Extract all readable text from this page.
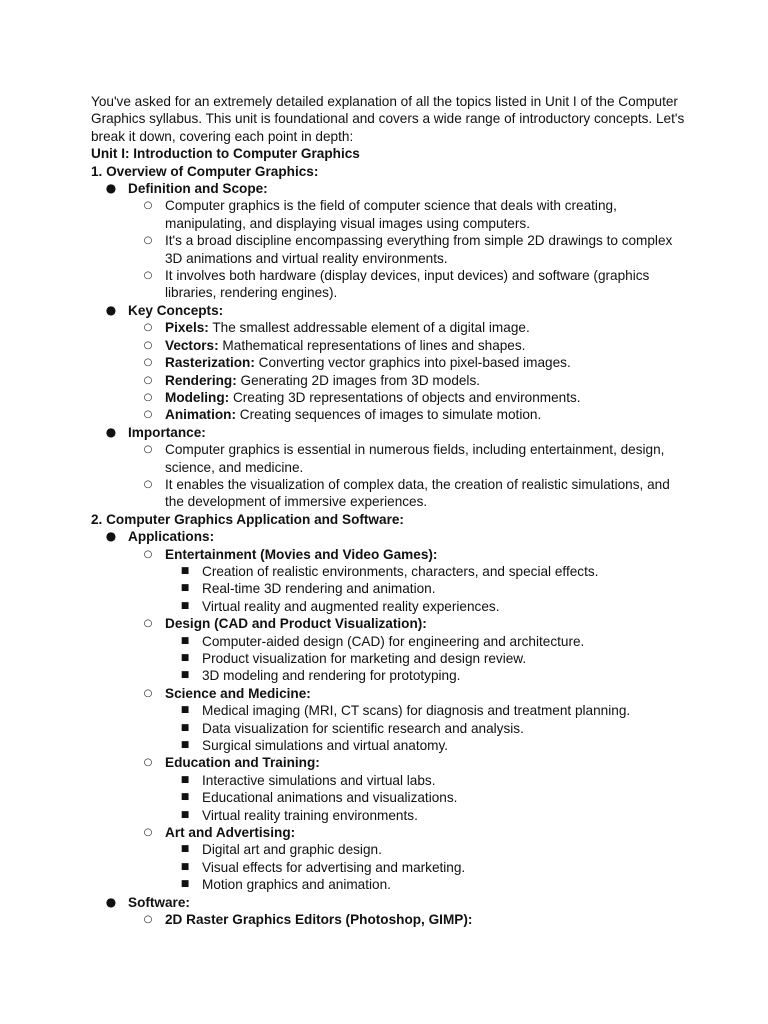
You've asked for an extremely detailed explanation of all the topics listed in Unit I of the Computer Graphics syllabus. This unit is foundational and covers a wide range of introductory concepts. Let's break it down, covering each point in depth:

Unit I: Introduction to Computer Graphics

1. Overview of Computer Graphics:

● Definition and Scope:
○ Computer graphics is the field of computer science that deals with creating, manipulating, and displaying visual images using computers.
○ It's a broad discipline encompassing everything from simple 2D drawings to complex 3D animations and virtual reality environments.
○ It involves both hardware (display devices, input devices) and software (graphics libraries, rendering engines).
● Key Concepts:
○ Pixels: The smallest addressable element of a digital image.
○ Vectors: Mathematical representations of lines and shapes.
○ Rasterization: Converting vector graphics into pixel-based images.
○ Rendering: Generating 2D images from 3D models.
○ Modeling: Creating 3D representations of objects and environments.
○ Animation: Creating sequences of images to simulate motion.
● Importance:
○ Computer graphics is essential in numerous fields, including entertainment, design, science, and medicine.
○ It enables the visualization of complex data, the creation of realistic simulations, and the development of immersive experiences.

2. Computer Graphics Application and Software:

● Applications:
○ Entertainment (Movies and Video Games):
■ Creation of realistic environments, characters, and special effects.
■ Real-time 3D rendering and animation.
■ Virtual reality and augmented reality experiences.
○ Design (CAD and Product Visualization):
■ Computer-aided design (CAD) for engineering and architecture.
■ Product visualization for marketing and design review.
■ 3D modeling and rendering for prototyping.
○ Science and Medicine:
■ Medical imaging (MRI, CT scans) for diagnosis and treatment planning.
■ Data visualization for scientific research and analysis.
■ Surgical simulations and virtual anatomy.
○ Education and Training:
■ Interactive simulations and virtual labs.
■ Educational animations and visualizations.
■ Virtual reality training environments.
○ Art and Advertising:
■ Digital art and graphic design.
■ Visual effects for advertising and marketing.
■ Motion graphics and animation.
● Software:
○ 2D Raster Graphics Editors (Photoshop, GIMP):
